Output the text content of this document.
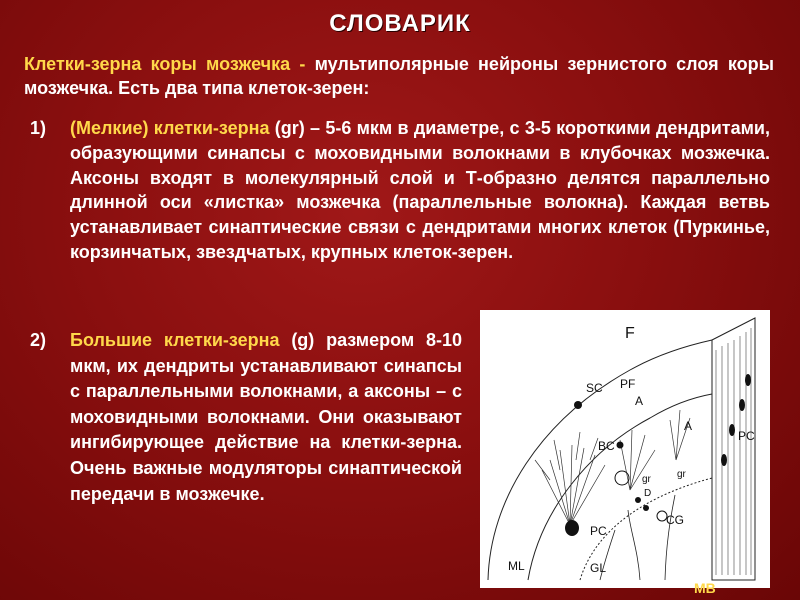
СЛОВАРИК
Клетки-зерна коры мозжечка - мультиполярные нейроны зернистого слоя коры мозжечка. Есть два типа клеток-зерен:
1)	(Мелкие) клетки-зерна (gr) – 5-6 мкм в диаметре, с 3-5 короткими дендритами, образующими синапсы с моховидными волокнами в клубочках мозжечка. Аксоны входят в молекулярный слой и Т-образно делятся параллельно длинной оси «листка» мозжечка (параллельные волокна). Каждая ветвь устанавливает синаптические связи с дендритами многих клеток (Пуркинье, корзинчатых, звездчатых, крупных клеток-зерен.
2)	Большие клетки-зерна (g) размером 8-10 мкм, их дендриты устанавливают синапсы с параллельными волокнами, а аксоны – с моховидными волокнами. Они оказывают ингибирующее действие на клетки-зерна. Очень важные модуляторы синаптической передачи в мозжечке.
F
SC PF
A
A
BC
PC
PC
gr	gr
D
CG
ML	GL
МВ
